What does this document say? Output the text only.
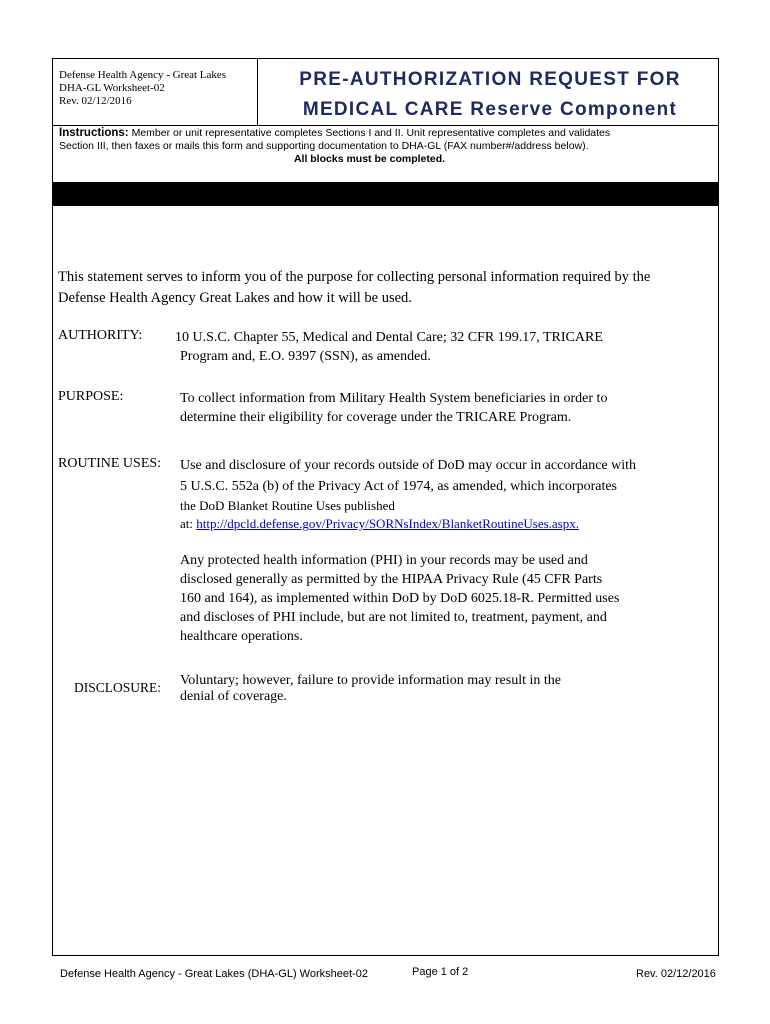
Defense Health Agency - Great Lakes
DHA-GL Worksheet-02
Rev. 02/12/2016
PRE-AUTHORIZATION REQUEST FOR
MEDICAL CARE Reserve Component
Instructions: Member or unit representative completes Sections I and II. Unit representative completes and validates
Section III, then faxes or mails this form and supporting documentation to DHA-GL (FAX number#/address below).
All blocks must be completed.
Privacy Act Statement
This statement serves to inform you of the purpose for collecting personal information required by the
Defense Health Agency Great Lakes and how it will be used.
AUTHORITY: 10 U.S.C. Chapter 55, Medical and Dental Care; 32 CFR 199.17, TRICARE
Program and, E.O. 9397 (SSN), as amended.
PURPOSE:	To collect information from Military Health System beneficiaries in order to
determine their eligibility for coverage under the TRICARE Program.
ROUTINE USES: Use and disclosure of your records outside of DoD may occur in accordance with
5 U.S.C. 552a (b) of the Privacy Act of 1974, as amended, which incorporates
the DoD Blanket Routine Uses published
at: http://dpcld.defense.gov/Privacy/SORNsIndex/BlanketRoutineUses.aspx.
Any protected health information (PHI) in your records may be used and
disclosed generally as permitted by the HIPAA Privacy Rule (45 CFR Parts
160 and 164), as implemented within DoD by DoD 6025.18-R. Permitted uses
and discloses of PHI include, but are not limited to, treatment, payment, and
healthcare operations.
DISCLOSURE: Voluntary; however, failure to provide information may result in the
denial of coverage.
Defense Health Agency - Great Lakes (DHA-GL) Worksheet-02	Page 1 of 2	Rev. 02/12/2016
